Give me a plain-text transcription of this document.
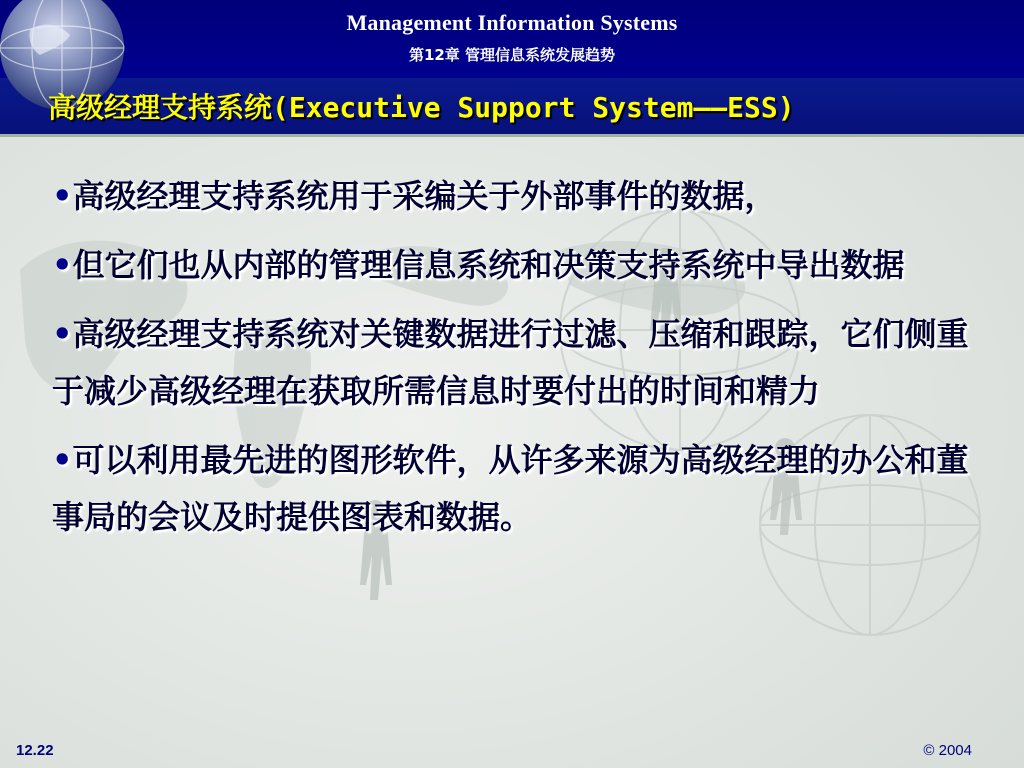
Management Information Systems
第12章 管理信息系统发展趋势
高级经理支持系统(Executive Support System——ESS)
•高级经理支持系统用于采编关于外部事件的数据，
•但它们也从内部的管理信息系统和决策支持系统中导出数据
•高级经理支持系统对关键数据进行过滤、压缩和跟踪，它们侧重于减少高级经理在获取所需信息时要付出的时间和精力
•可以利用最先进的图形软件，从许多来源为高级经理的办公和董事局的会议及时提供图表和数据。
12.22	© 2004
